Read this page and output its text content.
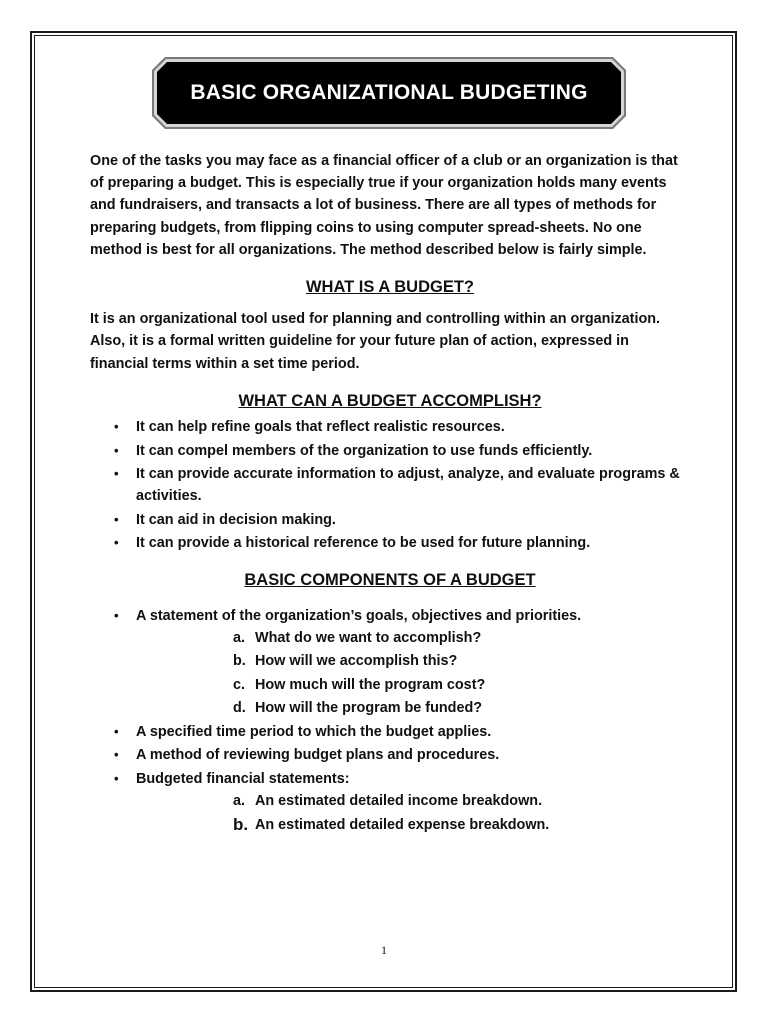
BASIC ORGANIZATIONAL BUDGETING

One of the tasks you may face as a financial officer of a club or an organization is that of preparing a budget. This is especially true if your organization holds many events and fundraisers, and transacts a lot of business. There are all types of methods for preparing budgets, from flipping coins to using computer spread-sheets. No one method is best for all organizations. The method described below is fairly simple.

WHAT IS A BUDGET?

It is an organizational tool used for planning and controlling within an organization. Also, it is a formal written guideline for your future plan of action, expressed in financial terms within a set time period.

WHAT CAN A BUDGET ACCOMPLISH?

• It can help refine goals that reflect realistic resources.
• It can compel members of the organization to use funds efficiently.
• It can provide accurate information to adjust, analyze, and evaluate programs & activities.
• It can aid in decision making.
• It can provide a historical reference to be used for future planning.

BASIC COMPONENTS OF A BUDGET

• A statement of the organization’s goals, objectives and priorities.
a. What do we want to accomplish?
b. How will we accomplish this?
c. How much will the program cost?
d. How will the program be funded?
• A specified time period to which the budget applies.
• A method of reviewing budget plans and procedures.
• Budgeted financial statements:
a. An estimated detailed income breakdown.
b. An estimated detailed expense breakdown.
1
